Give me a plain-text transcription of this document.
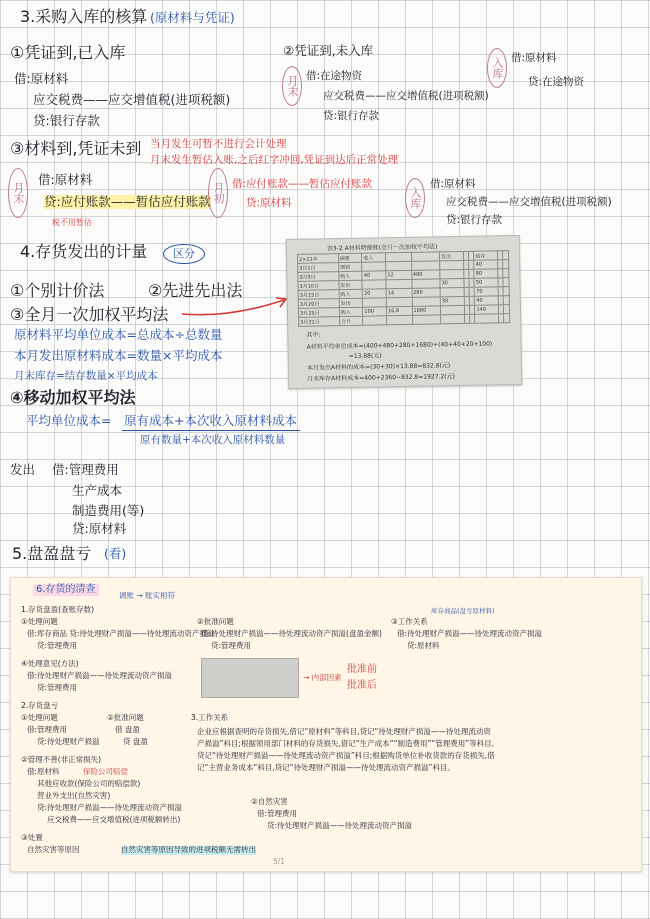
3.采购入库的核算 (原材料与凭证)
①凭证到,已入库
借:原材料
应交税费——应交增值税(进项税额)
贷:银行存款
②凭证到,未入库
月末 借:在途物资
应交税费——应交增值税(进项税额)
贷:银行存款
入库 借:原材料
贷:在途物资
③材料到,凭证未到 当月发生可暂不进行会计处理
月末发生暂估入账,之后红字冲回,凭证到达后正常处理
月末
借:原材料
贷:应付账款——暂估应付账款
税不用暂估
月初 借:应付账款——暂估应付账款
贷:原材料	入库
借:原材料
应交税费——应交增值税(进项税额)
贷:银行存款
4.存货发出的计量	区分
①个别计价法	②先进先出法
③全月一次加权平均法
原材料平均单位成本=总成本÷总数量
本月发出原材料成本=数量×平均成本
月末库存=结存数量×平均成本
表3-2 A材料明细账(全月一次加权平均法)
2×21年	摘要	收入			发出			结存		
3月1日	期初							40		
3月5日	购入	40	12	480				80		
3月10日	发出				30			50		
3月15日	购入	20	14	280				70		
3月20日	发出				30			40		
3月25日	购入	100	16.8	1680				140		
3月31日	合计									
其中:
A材料平均单位成本=(400+480+280+1680)÷(40+40+20+100)
=13.88(元)
本月发出A材料的成本=(30+30)×13.88=832.8(元)
月末库存A材料成本=400+2360−832.8=1927.2(元)
④移动加权平均法
平均单位成本= 原有成本+本次收入原材料成本
原有数量+本次收入原材料数量
发出 借:管理费用
生产成本
制造费用(等)
贷:原材料
5.盘盈盘亏 (看)
6.存货的清查
调账 → 账实相符
1.存货盘盈(查账存数)
①处理问题
借:库存商品 贷:待处理财产损溢——待处理流动资产损溢
贷:管理费用
②批准问题
借:待处理财产损溢——待处理流动资产损溢(盘盈金额)
贷:管理费用
③工作关系
库存商品(盘亏原材料)
借:待处理财产损溢——待处理流动资产损溢
贷:原材料
④处理意见(方法)
借:待处理财产损溢——待处理流动资产损溢
贷:管理费用
→ 内部因素
批准前
批准后
2.存货盘亏
①处理问题
借:管理费用
贷:待处理财产损溢
②批准问题
借 盘盈
贷 盘盈
3.工作关系
企业应根据查明的存货损失,借记“原材料”等科目,贷记“待处理财产损溢——待处理流动资产损溢”科目;根据领用部门材料的存货损失,借记“生产成本”“制造费用”“管理费用”等科目,贷记“待处理财产损溢——待处理流动资产损溢”科目;根据购货单位补收货款的存货损失,借记“主营业务成本”科目,贷记“待处理财产损溢——待处理流动资产损溢”科目。
②管理不善(非正常损失)
借:原材料	保险公司赔偿
其他应收款(保险公司的赔偿款)
营业外支出(自然灾害)
贷:待处理财产损溢——待处理流动资产损溢
应交税费——应交增值税(进项税额转出)
②自然灾害
借:管理费用
贷:待处理财产损溢——待处理流动资产损溢
③处置
自然灾害等原因	自然灾害等原因导致的进项税额无需转出
5/1
